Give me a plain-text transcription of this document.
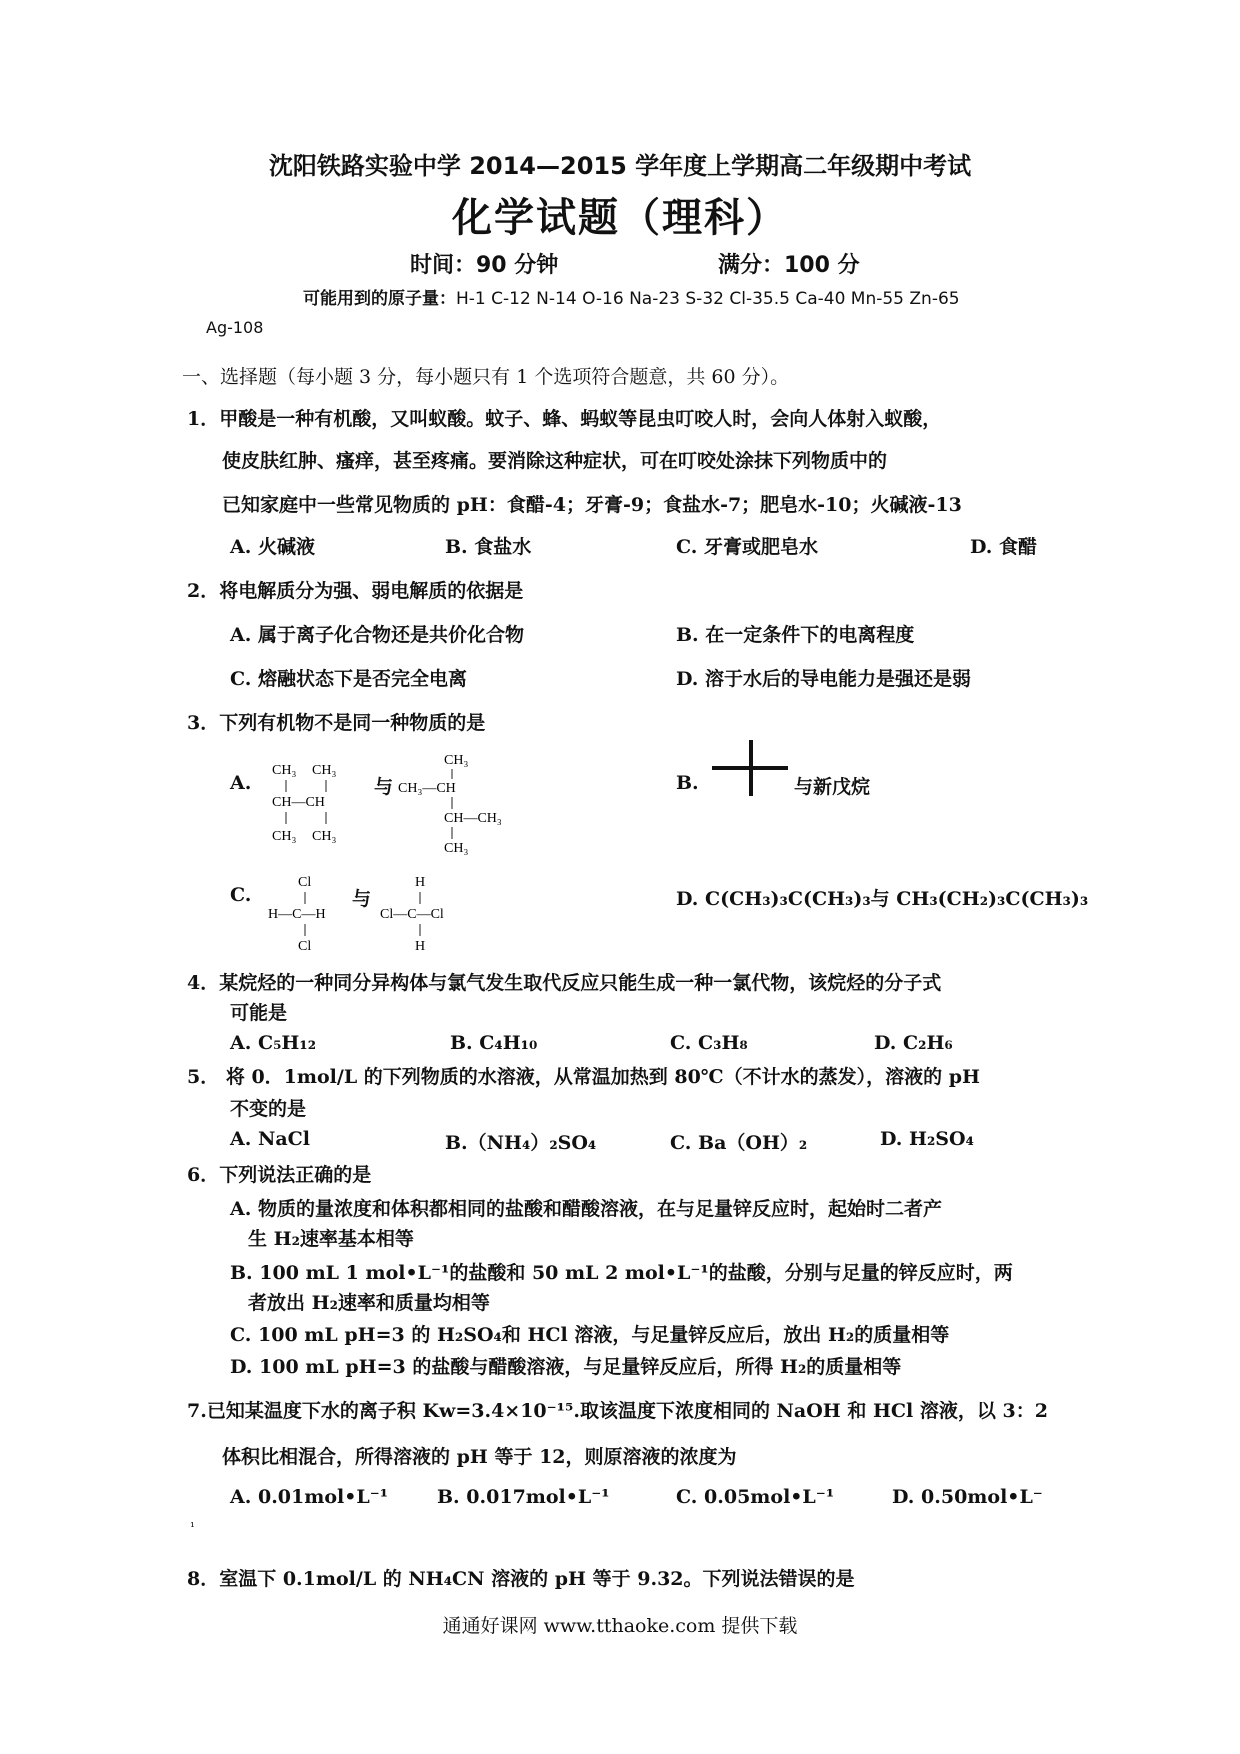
沈阳铁路实验中学 2014—2015 学年度上学期高二年级期中考试
化学试题（理科）
时间：90 分钟	满分：100 分
可能用到的原子量：H-1 C-12 N-14 O-16 Na-23 S-32 Cl-35.5 Ca-40 Mn-55 Zn-65
Ag-108
一、选择题（每小题 3 分，每小题只有 1 个选项符合题意，共 60 分）。
1．甲酸是一种有机酸，又叫蚁酸。蚊子、蜂、蚂蚁等昆虫叮咬人时，会向人体射入蚁酸，
使皮肤红肿、瘙痒，甚至疼痛。要消除这种症状，可在叮咬处涂抹下列物质中的
已知家庭中一些常见物质的 pH：食醋-4；牙膏-9；食盐水-7；肥皂水-10；火碱液-13
A. 火碱液	B. 食盐水	C. 牙膏或肥皂水	D. 食醋
2．将电解质分为强、弱电解质的依据是
A. 属于离子化合物还是共价化合物	B. 在一定条件下的电离程度
C. 熔融状态下是否完全电离	D. 溶于水后的导电能力是强还是弱
3．下列有机物不是同一种物质的是
A.
CH₃ CH₃
CH—CH
CH₃ CH₃
与
CH₃
CH₃—CH
CH—CH₃
CH₃
B.	与新戊烷
C.
Cl
H—C—H
Cl
与
H
Cl—C—Cl
H
D. C(CH₃)₃C(CH₃)₃与 CH₃(CH₂)₃C(CH₃)₃
4．某烷烃的一种同分异构体与氯气发生取代反应只能生成一种一氯代物，该烷烃的分子式
可能是
A. C₅H₁₂	B. C₄H₁₀	C. C₃H₈	D. C₂H₆
5． 将 0．1mol/L 的下列物质的水溶液，从常温加热到 80℃（不计水的蒸发），溶液的 pH
不变的是
A. NaCl	B.（NH₄）₂SO₄	C. Ba（OH）₂	D. H₂SO₄
6．下列说法正确的是
A. 物质的量浓度和体积都相同的盐酸和醋酸溶液，在与足量锌反应时，起始时二者产
生 H₂速率基本相等
B. 100 mL 1 mol•L⁻¹的盐酸和 50 mL 2 mol•L⁻¹的盐酸，分别与足量的锌反应时，两
者放出 H₂速率和质量均相等
C. 100 mL pH=3 的 H₂SO₄和 HCl 溶液，与足量锌反应后，放出 H₂的质量相等
D. 100 mL pH=3 的盐酸与醋酸溶液，与足量锌反应后，所得 H₂的质量相等
7.已知某温度下水的离子积 Kw=3.4×10⁻¹⁵.取该温度下浓度相同的 NaOH 和 HCl 溶液，以 3：2
体积比相混合，所得溶液的 pH 等于 12，则原溶液的浓度为
A. 0.01mol•L⁻¹	B. 0.017mol•L⁻¹	C. 0.05mol•L⁻¹	D. 0.50mol•L⁻
¹
8．室温下 0.1mol/L 的 NH₄CN 溶液的 pH 等于 9.32。下列说法错误的是
通通好课网 www.tthaoke.com 提供下载
